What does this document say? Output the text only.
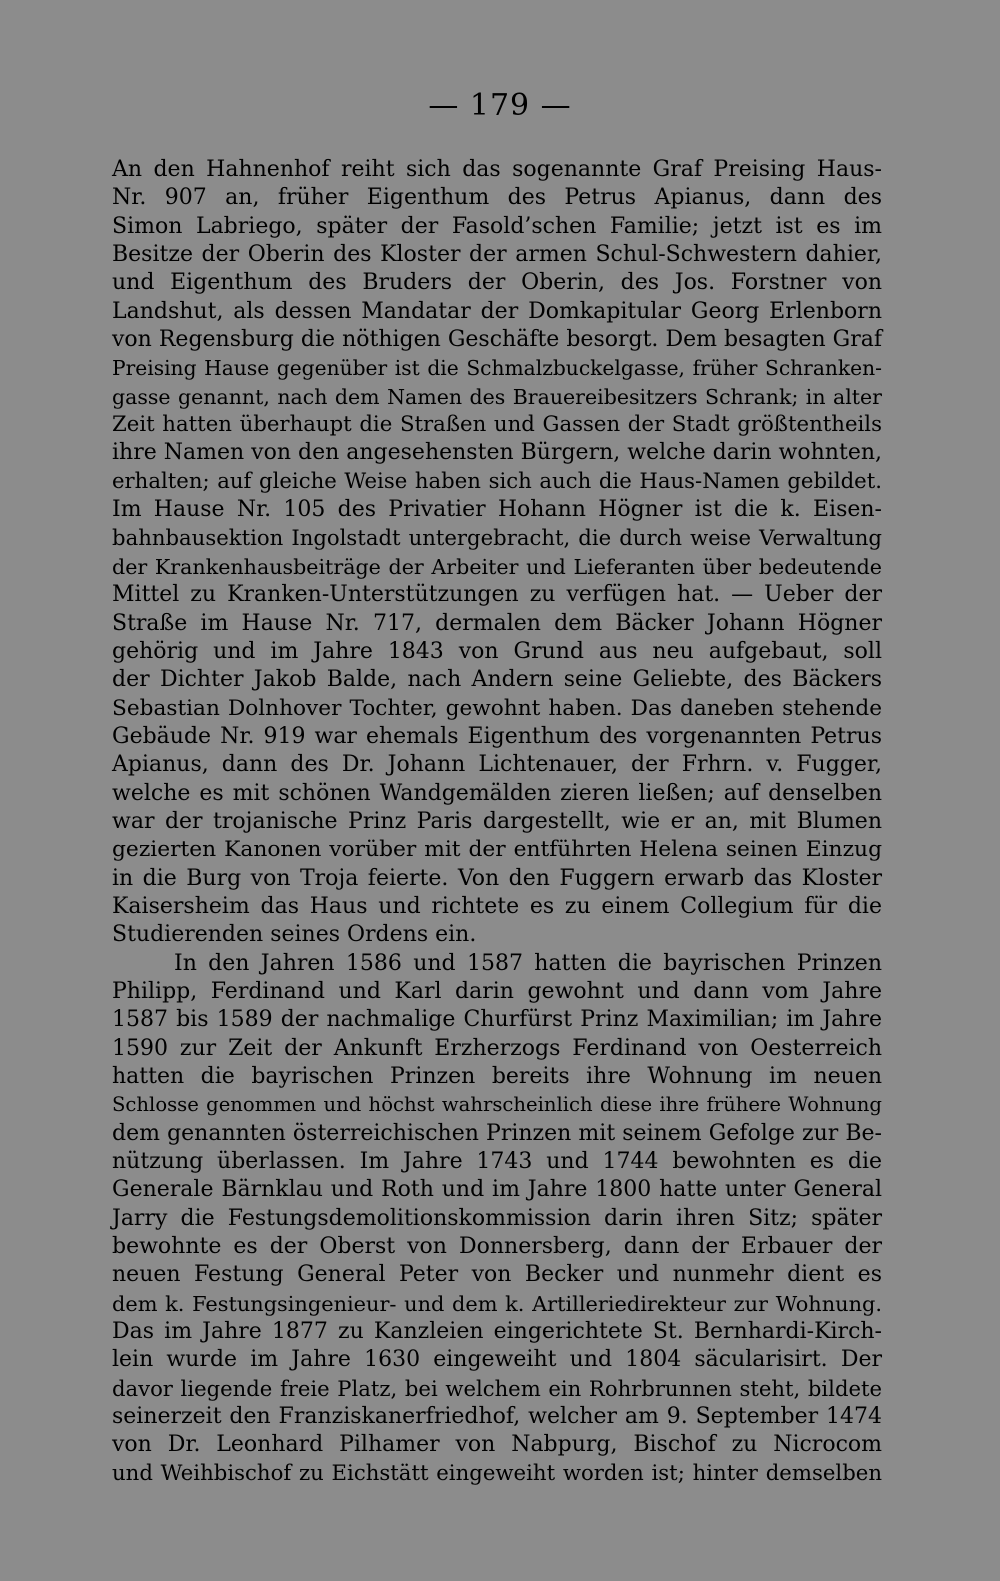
— 179 —
An den Hahnenhof reiht sich das sogenannte Graf Preising Haus-
Nr. 907 an, früher Eigenthum des Petrus Apianus, dann des
Simon Labriego, später der Fasold’schen Familie; jetzt ist es im
Besitze der Oberin des Kloster der armen Schul-Schwestern dahier,
und Eigenthum des Bruders der Oberin, des Jos. Forstner von
Landshut, als dessen Mandatar der Domkapitular Georg Erlenborn
von Regensburg die nöthigen Geschäfte besorgt. Dem besagten Graf
Preising Hause gegenüber ist die Schmalzbuckelgasse, früher Schranken-
gasse genannt, nach dem Namen des Brauereibesitzers Schrank; in alter
Zeit hatten überhaupt die Straßen und Gassen der Stadt größtentheils
ihre Namen von den angesehensten Bürgern, welche darin wohnten,
erhalten; auf gleiche Weise haben sich auch die Haus-Namen gebildet.
Im Hause Nr. 105 des Privatier Hohann Högner ist die k. Eisen-
bahnbausektion Ingolstadt untergebracht, die durch weise Verwaltung
der Krankenhausbeiträge der Arbeiter und Lieferanten über bedeutende
Mittel zu Kranken-Unterstützungen zu verfügen hat. — Ueber der
Straße im Hause Nr. 717, dermalen dem Bäcker Johann Högner
gehörig und im Jahre 1843 von Grund aus neu aufgebaut, soll
der Dichter Jakob Balde, nach Andern seine Geliebte, des Bäckers
Sebastian Dolnhover Tochter, gewohnt haben. Das daneben stehende
Gebäude Nr. 919 war ehemals Eigenthum des vorgenannten Petrus
Apianus, dann des Dr. Johann Lichtenauer, der Frhrn. v. Fugger,
welche es mit schönen Wandgemälden zieren ließen; auf denselben
war der trojanische Prinz Paris dargestellt, wie er an, mit Blumen
gezierten Kanonen vorüber mit der entführten Helena seinen Einzug
in die Burg von Troja feierte. Von den Fuggern erwarb das Kloster
Kaisersheim das Haus und richtete es zu einem Collegium für die
Studierenden seines Ordens ein.
In den Jahren 1586 und 1587 hatten die bayrischen Prinzen
Philipp, Ferdinand und Karl darin gewohnt und dann vom Jahre
1587 bis 1589 der nachmalige Churfürst Prinz Maximilian; im Jahre
1590 zur Zeit der Ankunft Erzherzogs Ferdinand von Oesterreich
hatten die bayrischen Prinzen bereits ihre Wohnung im neuen
Schlosse genommen und höchst wahrscheinlich diese ihre frühere Wohnung
dem genannten österreichischen Prinzen mit seinem Gefolge zur Be-
nützung überlassen. Im Jahre 1743 und 1744 bewohnten es die
Generale Bärnklau und Roth und im Jahre 1800 hatte unter General
Jarry die Festungsdemolitionskommission darin ihren Sitz; später
bewohnte es der Oberst von Donnersberg, dann der Erbauer der
neuen Festung General Peter von Becker und nunmehr dient es
dem k. Festungsingenieur- und dem k. Artilleriedirekteur zur Wohnung.
Das im Jahre 1877 zu Kanzleien eingerichtete St. Bernhardi-Kirch-
lein wurde im Jahre 1630 eingeweiht und 1804 säcularisirt. Der
davor liegende freie Platz, bei welchem ein Rohrbrunnen steht, bildete
seinerzeit den Franziskanerfriedhof, welcher am 9. September 1474
von Dr. Leonhard Pilhamer von Nabpurg, Bischof zu Nicrocom
und Weihbischof zu Eichstätt eingeweiht worden ist; hinter demselben
